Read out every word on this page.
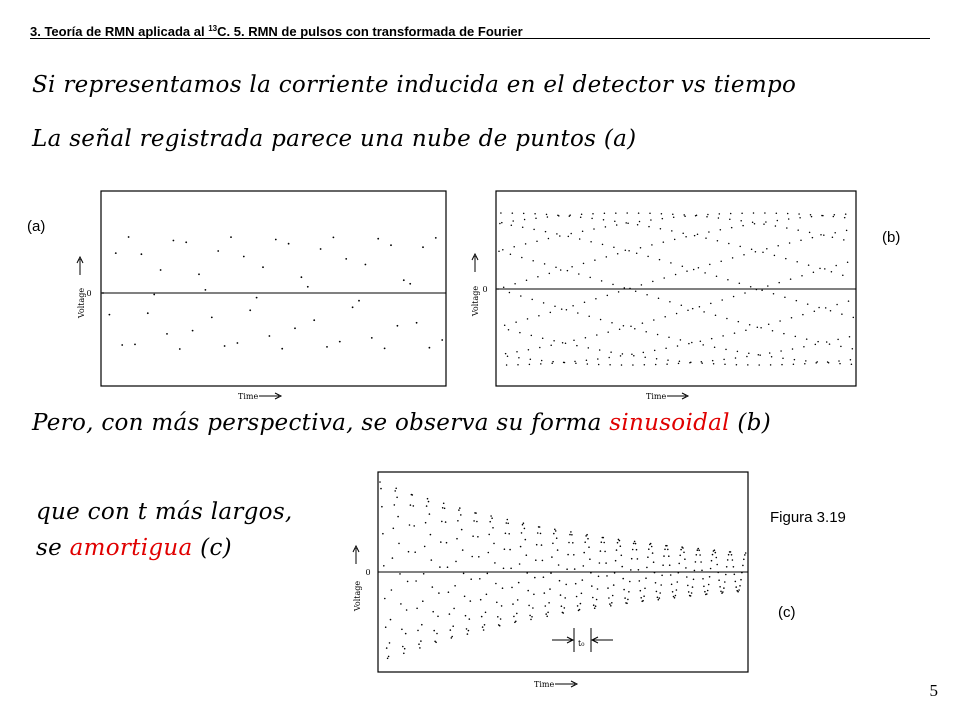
3. Teoría de RMN aplicada al $^{13}$C. 5. RMN de pulsos con transformada de Fourier
Si representamos la corriente inducida en el detector vs tiempo
La señal registrada parece una nube de puntos (a)
Pero, con más perspectiva, se observa su forma sinusoidal (b)
que con t más largos,
se amortigua (c)
(a)
(b)
(c)
Figura 3.19
0
Voltage
Time
0
Voltage
Time
0
Voltage
t₀
Time	5
